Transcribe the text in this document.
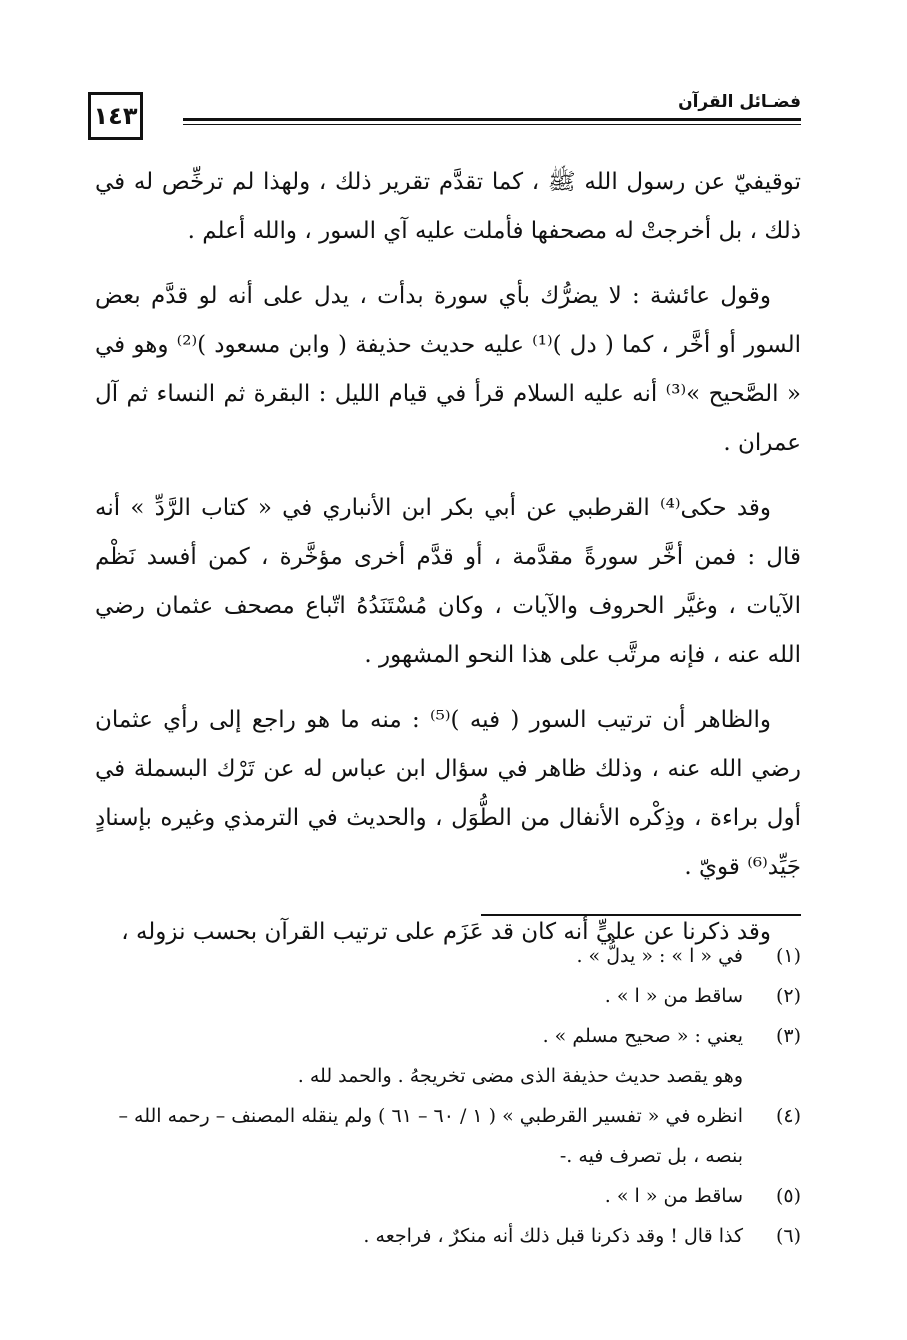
١٤٣	فضـائل القرآن

توقيفيّ عن رسول الله ﷺ ، كما تقدَّم تقرير ذلك ، ولهذا لم ترخِّص له في ذلك ، بل أخرجتْ له مصحفها فأملت عليه آي السور ، والله أعلم .

وقول عائشة : لا يضرُّك بأي سورة بدأت ، يدل على أنه لو قدَّم بعض السور أو أخَّر ، كما ( دل )⁽¹⁾ عليه حديث حذيفة ( وابن مسعود )⁽²⁾ وهو في « الصَّحيح »⁽³⁾ أنه عليه السلام قرأ في قيام الليل : البقرة ثم النساء ثم آل عمران .

وقد حكى⁽⁴⁾ القرطبي عن أبي بكر ابن الأنباري في « كتاب الرَّدِّ » أنه قال : فمن أخَّر سورةً مقدَّمة ، أو قدَّم أخرى مؤخَّرة ، كمن أفسد نَظْم الآيات ، وغيَّر الحروف والآيات ، وكان مُسْتَنَدُهُ اتّباع مصحف عثمان رضي الله عنه ، فإنه مرتَّب على هذا النحو المشهور .

والظاهر أن ترتيب السور ( فيه )⁽⁵⁾ : منه ما هو راجع إلى رأي عثمان رضي الله عنه ، وذلك ظاهر في سؤال ابن عباس له عن تَرْك البسملة في أول براءة ، وذِكْره الأنفال من الطُّوَل ، والحديث في الترمذي وغيره بإسنادٍ جَيِّد⁽⁶⁾ قويّ .

وقد ذكرنا عن عليٍّ أنه كان قد عَزَم على ترتيب القرآن بحسب نزوله ،

(١)
في « ا » : « يدلُّ » .
(٢)
ساقط من « ا » .
(٣)
يعني : « صحيح مسلم » .
وهو يقصد حديث حذيفة الذى مضى تخريجهُ . والحمد لله .
(٤)
انظره في « تفسير القرطبي » ( ١ / ٦٠ – ٦١ ) ولم ينقله المصنف – رحمه الله –
بنصه ، بل تصرف فيه .-
(٥)
ساقط من « ا » .
(٦)
كذا قال ! وقد ذكرنا قبل ذلك أنه منكرٌ ، فراجعه .
